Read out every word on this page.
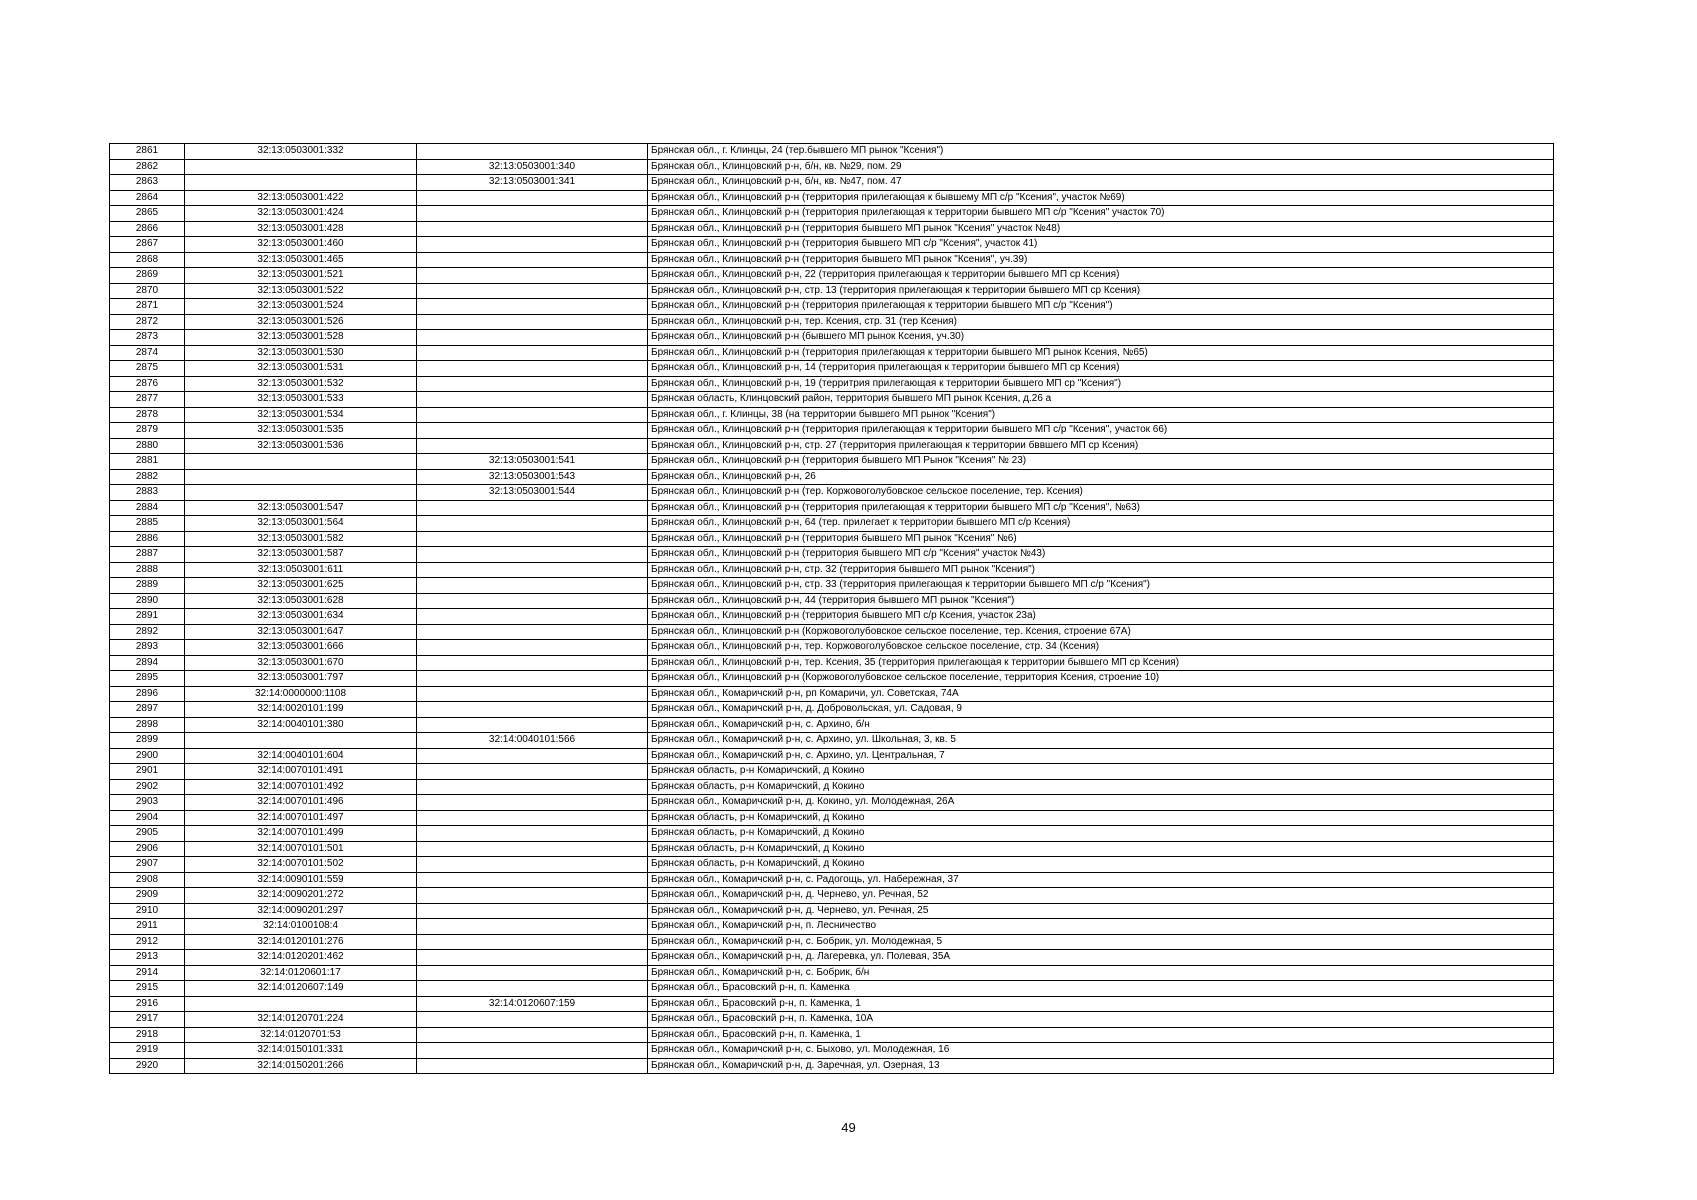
2861	32:13:0503001:332		Брянская обл., г. Клинцы, 24 (тер.бывшего МП рынок "Ксения")
2862		32:13:0503001:340	Брянская обл., Клинцовский р-н, б/н, кв. №29, пом. 29
2863		32:13:0503001:341	Брянская обл., Клинцовский р-н, б/н, кв. №47, пом. 47
2864	32:13:0503001:422		Брянская обл., Клинцовский р-н (территория прилегающая к бывшему МП с/р "Ксения", участок №69)
2865	32:13:0503001:424		Брянская обл., Клинцовский р-н (территория прилегающая к территории бывшего МП с/р "Ксения" участок 70)
2866	32:13:0503001:428		Брянская обл., Клинцовский р-н (территория бывшего МП рынок "Ксения" участок №48)
2867	32:13:0503001:460		Брянская обл., Клинцовский р-н (территория бывшего МП с/р "Ксения", участок 41)
2868	32:13:0503001:465		Брянская обл., Клинцовский р-н (территория бывшего МП рынок "Ксения", уч.39)
2869	32:13:0503001:521		Брянская обл., Клинцовский р-н, 22 (территория прилегающая к территории бывшего МП ср Ксения)
2870	32:13:0503001:522		Брянская обл., Клинцовский р-н, стр. 13 (территория прилегающая к территории бывшего МП ср Ксения)
2871	32:13:0503001:524		Брянская обл., Клинцовский р-н (территория прилегающая к территории бывшего МП с/р "Ксения")
2872	32:13:0503001:526		Брянская обл., Клинцовский р-н, тер. Ксения, стр. 31 (тер Ксения)
2873	32:13:0503001:528		Брянская обл., Клинцовский р-н (бывшего МП рынок Ксения, уч.30)
2874	32:13:0503001:530		Брянская обл., Клинцовский р-н (территория прилегающая к территории бывшего МП рынок Ксения, №65)
2875	32:13:0503001:531		Брянская обл., Клинцовский р-н, 14 (территория прилегающая к территории бывшего МП ср Ксения)
2876	32:13:0503001:532		Брянская обл., Клинцовский р-н, 19 (территрия прилегающая к территории бывшего МП ср "Ксения")
2877	32:13:0503001:533		Брянская область, Клинцовский район, территория бывшего МП рынок Ксения, д.26 а
2878	32:13:0503001:534		Брянская обл., г. Клинцы, 38 (на территории бывшего МП рынок "Ксения")
2879	32:13:0503001:535		Брянская обл., Клинцовский р-н (территория прилегающая к территории бывшего МП с/р "Ксения", участок 66)
2880	32:13:0503001:536		Брянская обл., Клинцовский р-н, стр. 27 (территория прилегающая к территории бввшего МП ср Ксения)
2881		32:13:0503001:541	Брянская обл., Клинцовский р-н (территория бывшего МП Рынок "Ксения" № 23)
2882		32:13:0503001:543	Брянская обл., Клинцовский р-н, 26
2883		32:13:0503001:544	Брянская обл., Клинцовский р-н (тер. Коржовоголубовское сельское поселение, тер. Ксения)
2884	32:13:0503001:547		Брянская обл., Клинцовский р-н (территория прилегающая к территории бывшего МП с/р "Ксения", №63)
2885	32:13:0503001:564		Брянская обл., Клинцовский р-н, 64 (тер. прилегает к территории бывшего МП с/р Ксения)
2886	32:13:0503001:582		Брянская обл., Клинцовский р-н (территория бывшего МП рынок "Ксения" №6)
2887	32:13:0503001:587		Брянская обл., Клинцовский р-н (территория бывшего МП с/р "Ксения" участок №43)
2888	32:13:0503001:611		Брянская обл., Клинцовский р-н, стр. 32 (территория бывшего МП рынок "Ксения")
2889	32:13:0503001:625		Брянская обл., Клинцовский р-н, стр. 33 (территория прилегающая к территории бывшего МП с/р "Ксения")
2890	32:13:0503001:628		Брянская обл., Клинцовский р-н, 44 (территория бывшего МП рынок "Ксения")
2891	32:13:0503001:634		Брянская обл., Клинцовский р-н (территория бывшего МП с/р Ксения, участок 23а)
2892	32:13:0503001:647		Брянская обл., Клинцовский р-н (Коржовоголубовское сельское поселение, тер. Ксения, строение 67А)
2893	32:13:0503001:666		Брянская обл., Клинцовский р-н, тер. Коржовоголубовское сельское поселение, стр. 34 (Ксения)
2894	32:13:0503001:670		Брянская обл., Клинцовский р-н, тер. Ксения, 35 (территория прилегающая к территории бывшего МП ср Ксения)
2895	32:13:0503001:797		Брянская обл., Клинцовский р-н (Коржовоголубовское сельское поселение, территория Ксения, строение 10)
2896	32:14:0000000:1108		Брянская обл., Комаричский р-н, рп Комаричи, ул. Советская, 74А
2897	32:14:0020101:199		Брянская обл., Комаричский р-н, д. Добровольская, ул. Садовая, 9
2898	32:14:0040101:380		Брянская обл., Комаричский р-н, с. Архино, б/н
2899		32:14:0040101:566	Брянская обл., Комаричский р-н, с. Архино, ул. Школьная, 3, кв. 5
2900	32:14:0040101:604		Брянская обл., Комаричский р-н, с. Архино, ул. Центральная, 7
2901	32:14:0070101:491		Брянская область, р-н Комаричский, д Кокино
2902	32:14:0070101:492		Брянская область, р-н Комаричский, д Кокино
2903	32:14:0070101:496		Брянская обл., Комаричский р-н, д. Кокино, ул. Молодежная, 26А
2904	32:14:0070101:497		Брянская область, р-н Комаричский, д Кокино
2905	32:14:0070101:499		Брянская область, р-н Комаричский, д Кокино
2906	32:14:0070101:501		Брянская область, р-н Комаричский, д Кокино
2907	32:14:0070101:502		Брянская область, р-н Комаричский, д Кокино
2908	32:14:0090101:559		Брянская обл., Комаричский р-н, с. Радогощь, ул. Набережная, 37
2909	32:14:0090201:272		Брянская обл., Комаричский р-н, д. Чернево, ул. Речная, 52
2910	32:14:0090201:297		Брянская обл., Комаричский р-н, д. Чернево, ул. Речная, 25
2911	32:14:0100108:4		Брянская обл., Комаричский р-н, п. Лесничество
2912	32:14:0120101:276		Брянская обл., Комаричский р-н, с. Бобрик, ул. Молодежная, 5
2913	32:14:0120201:462		Брянская обл., Комаричский р-н, д. Лагеревка, ул. Полевая, 35А
2914	32:14:0120601:17		Брянская обл., Комаричский р-н, с. Бобрик, б/н
2915	32:14:0120607:149		Брянская обл., Брасовский р-н, п. Каменка
2916		32:14:0120607:159	Брянская обл., Брасовский р-н, п. Каменка, 1
2917	32:14:0120701:224		Брянская обл., Брасовский р-н, п. Каменка, 10А
2918	32:14:0120701:53		Брянская обл., Брасовский р-н, п. Каменка, 1
2919	32:14:0150101:331		Брянская обл., Комаричский р-н, с. Быхово, ул. Молодежная, 16
2920	32:14:0150201:266		Брянская обл., Комаричский р-н, д. Заречная, ул. Озерная, 13
49
